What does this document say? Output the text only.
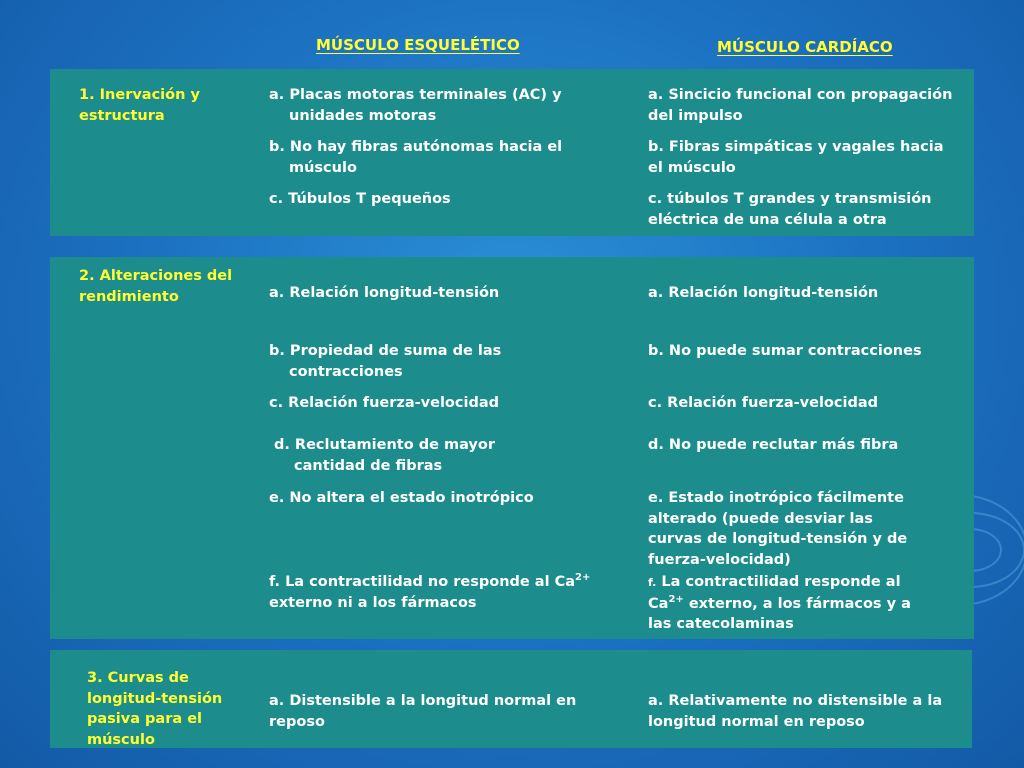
MÚSCULO ESQUELÉTICO	MÚSCULO CARDÍACO
1. Inervación y
estructura
a. Placas motoras terminales (AC) y
unidades motoras
b. No hay fibras autónomas hacia el
músculo
c. Túbulos T pequeños
a. Sincicio funcional con propagación
del impulso
b. Fibras simpáticas y vagales hacia
el músculo
c. túbulos T grandes y transmisión
eléctrica de una célula a otra
2. Alteraciones del
rendimiento	a. Relación longitud-tensión
b. Propiedad de suma de las
contracciones
c. Relación fuerza-velocidad
d. Reclutamiento de mayor
cantidad de fibras
e. No altera el estado inotrópico
f. La contractilidad no responde al $Ca^{2+}$
externo ni a los fármacos
a. Relación longitud-tensión
b. No puede sumar contracciones
c. Relación fuerza-velocidad
d. No puede reclutar más fibra
e. Estado inotrópico fácilmente
alterado (puede desviar las
curvas de longitud-tensión y de
fuerza-velocidad)
f. La contractilidad responde al
$Ca^{2+}$ externo, a los fármacos y a
las catecolaminas
3. Curvas de
longitud-tensión
pasiva para el
músculo
a. Distensible a la longitud normal en
reposo
a. Relativamente no distensible a la
longitud normal en reposo
